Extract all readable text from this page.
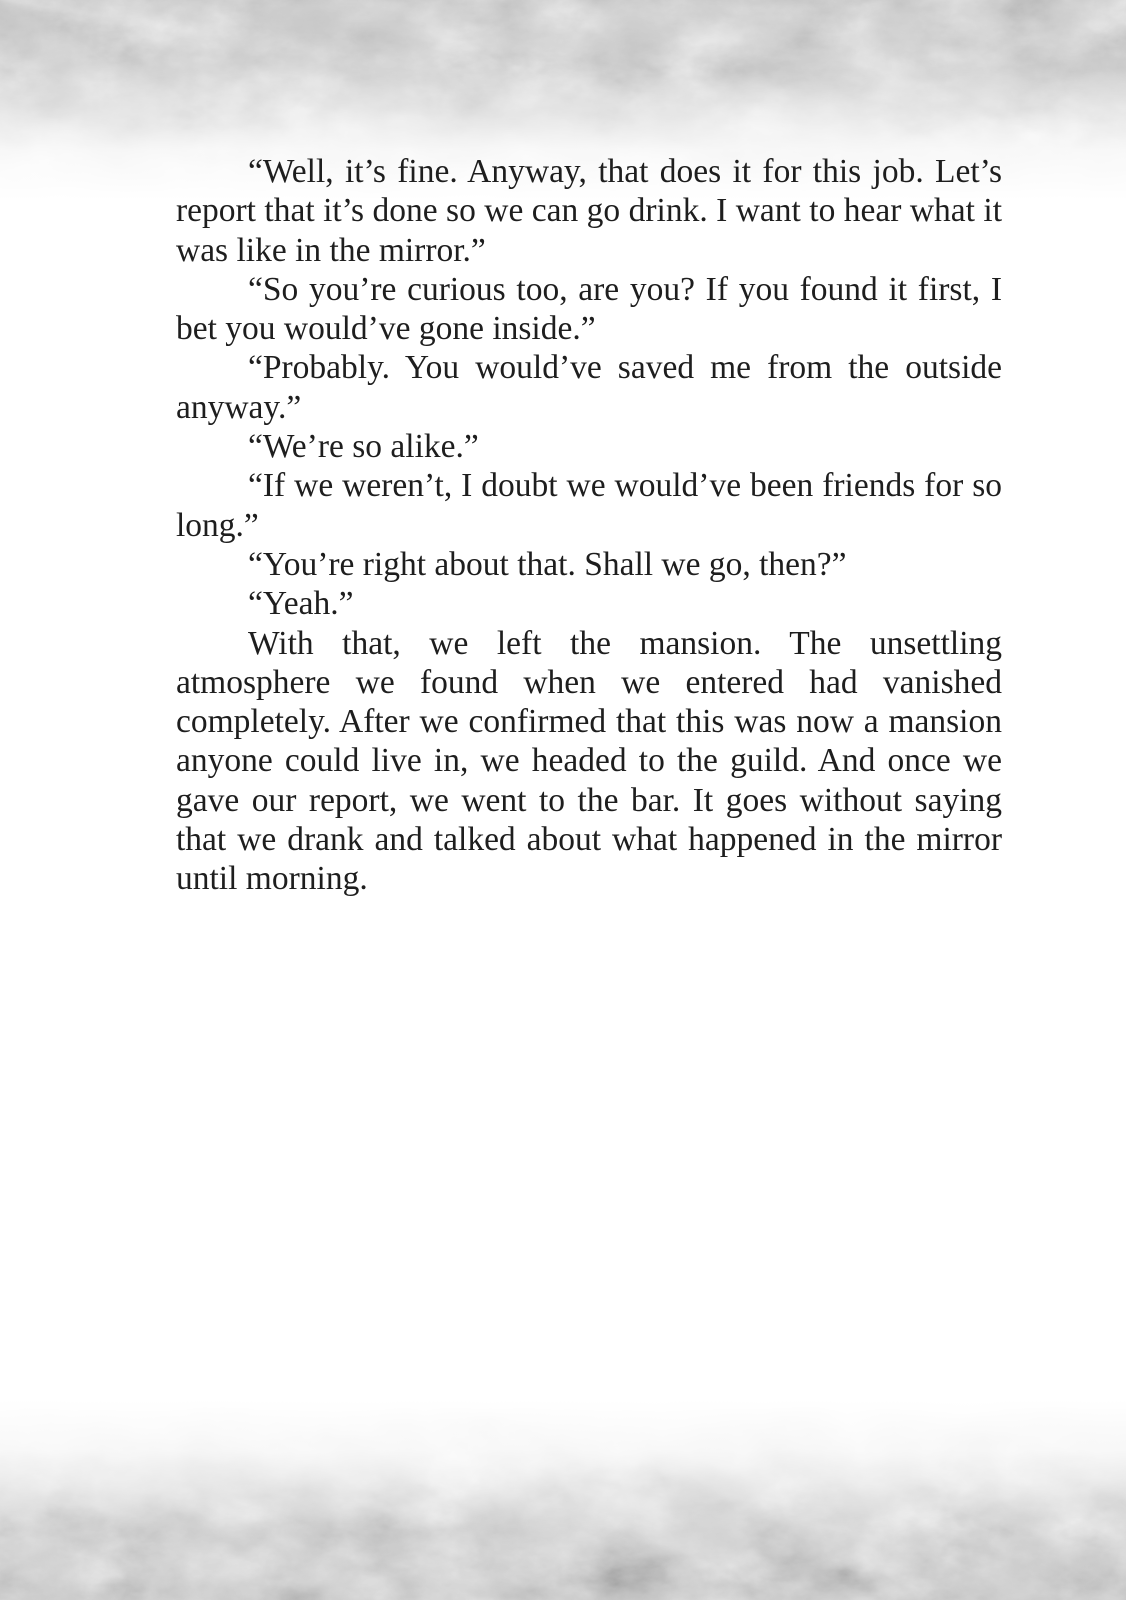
“Well, it’s fine. Anyway, that does it for this job. Let’s report that it’s done so we can go drink. I want to hear what it was like in the mirror.”

“So you’re curious too, are you? If you found it first, I bet you would’ve gone inside.”

“Probably. You would’ve saved me from the outside anyway.”

“We’re so alike.”

“If we weren’t, I doubt we would’ve been friends for so long.”

“You’re right about that. Shall we go, then?”

“Yeah.”

With that, we left the mansion. The unsettling atmosphere we found when we entered had vanished completely. After we confirmed that this was now a mansion anyone could live in, we headed to the guild. And once we gave our report, we went to the bar. It goes without saying that we drank and talked about what happened in the mirror until morning.
